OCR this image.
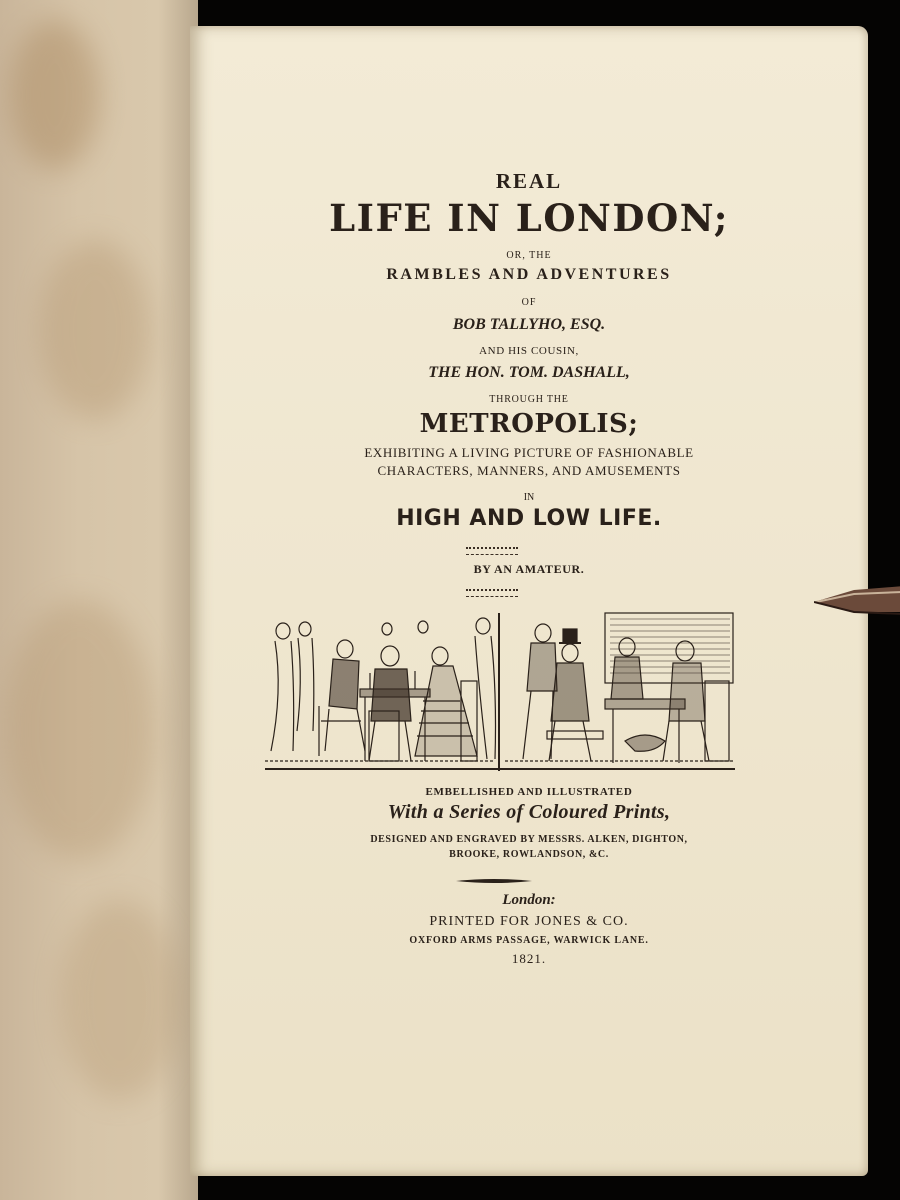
REAL
LIFE IN LONDON;
OR, THE
RAMBLES AND ADVENTURES
OF
BOB TALLYHO, ESQ.
AND HIS COUSIN,
THE HON. TOM. DASHALL,
THROUGH THE
METROPOLIS;
EXHIBITING A LIVING PICTURE OF FASHIONABLE
CHARACTERS, MANNERS, AND AMUSEMENTS
IN
HIGH AND LOW LIFE.
BY AN AMATEUR.
EMBELLISHED AND ILLUSTRATED
With a Series of Coloured Prints,
DESIGNED AND ENGRAVED BY MESSRS. ALKEN, DIGHTON,
BROOKE, ROWLANDSON, &C.
London:
PRINTED FOR JONES & CO.
OXFORD ARMS PASSAGE, WARWICK LANE.
1821.
